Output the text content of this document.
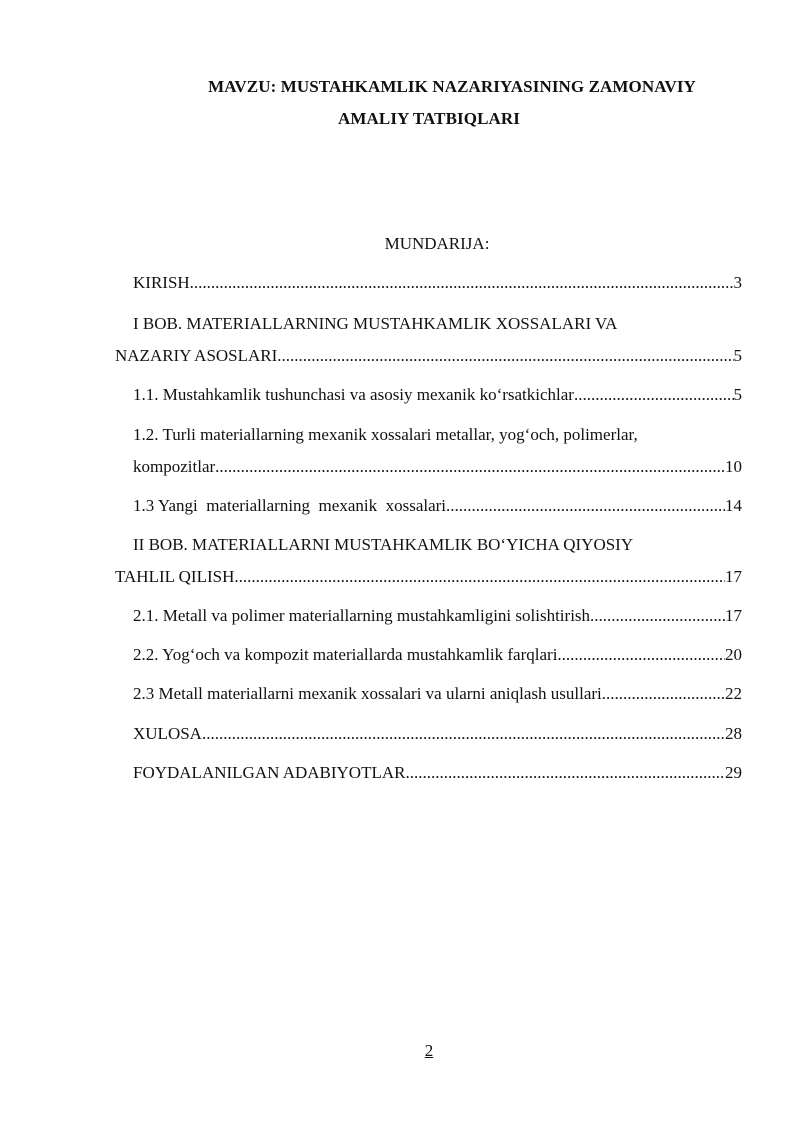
MAVZU: MUSTAHKAMLIK NAZARIYASINING ZAMONAVIY
AMALIY TATBIQLARI
MUNDARIJA:
KIRISH .....	3
I BOB. MATERIALLARNING MUSTAHKAMLIK XOSSALARI VA
NAZARIY ASOSLARI .....	5
1.1. Mustahkamlik tushunchasi va asosiy mexanik ko‘rsatkichlar .....	5
1.2. Turli materiallarning mexanik xossalari metallar, yog‘och, polimerlar,
kompozitlar .....	10
1.3 Yangi  materiallarning  mexanik  xossalari .....	14
II BOB. MATERIALLARNI MUSTAHKAMLIK BO‘YICHA QIYOSIY
TAHLIL QILISH .....	17
2.1. Metall va polimer materiallarning mustahkamligini solishtirish .....	17
2.2. Yog‘och va kompozit materiallarda mustahkamlik farqlari .....	20
2.3 Metall materiallarni mexanik xossalari va ularni aniqlash usullari .....	22
XULOSA .....	28
FOYDALANILGAN ADABIYOTLAR .....	29
2
